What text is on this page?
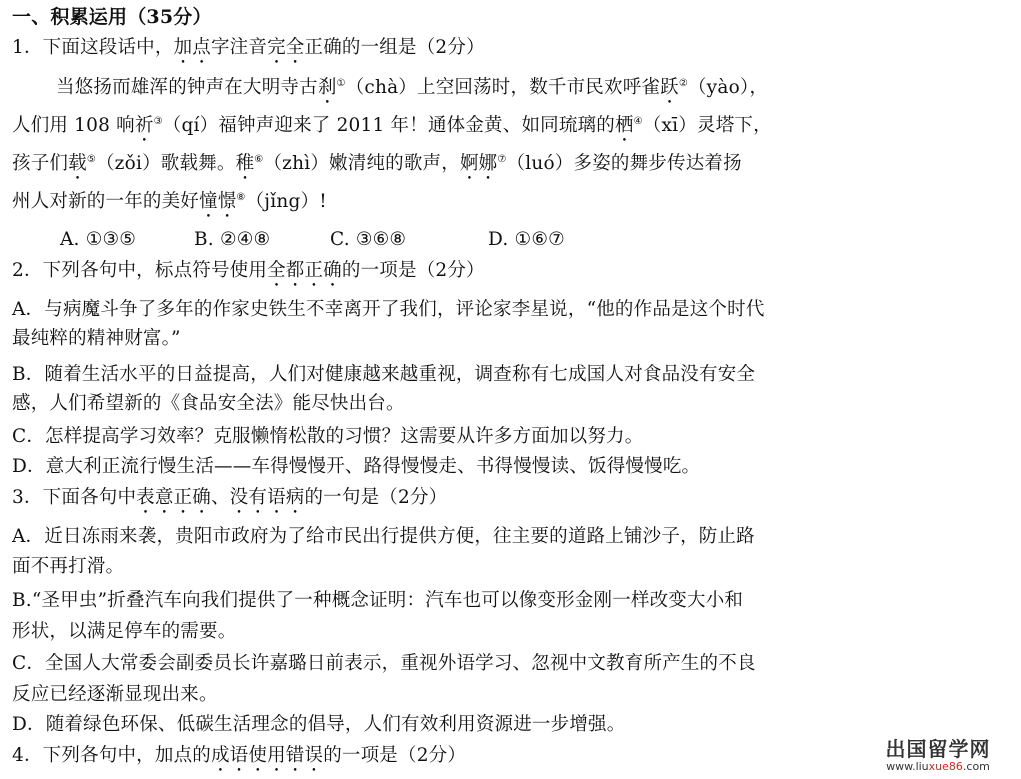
一、积累运用（35分）
1．下面这段话中，加点字注音完全正确的一组是（2分）
当悠扬而雄浑的钟声在大明寺古刹①（chà）上空回荡时，数千市民欢呼雀跃②（yào），
人们用 108 响祈③（qí）福钟声迎来了 2011 年！通体金黄、如同琉璃的栖④（xī）灵塔下，
孩子们载⑤（zǒi）歌载舞。稚⑥（zhì）嫩清纯的歌声，婀娜⑦（luó）多姿的舞步传达着扬
州人对新的一年的美好憧憬⑧（jǐng）!
A. ①③⑤	B. ②④⑧	C. ③⑥⑧	D. ①⑥⑦
2．下列各句中，标点符号使用全都正确的一项是（2分）
A．与病魔斗争了多年的作家史铁生不幸离开了我们，评论家李星说，“他的作品是这个时代
最纯粹的精神财富。”
B．随着生活水平的日益提高，人们对健康越来越重视，调查称有七成国人对食品没有安全
感，人们希望新的《食品安全法》能尽快出台。
C．怎样提高学习效率？克服懒惰松散的习惯？这需要从许多方面加以努力。
D．意大利正流行慢生活——车得慢慢开、路得慢慢走、书得慢慢读、饭得慢慢吃。
3．下面各句中表意正确、没有语病的一句是（2分）
A．近日冻雨来袭，贵阳市政府为了给市民出行提供方便，往主要的道路上铺沙子，防止路
面不再打滑。
B.“圣甲虫”折叠汽车向我们提供了一种概念证明：汽车也可以像变形金刚一样改变大小和
形状，以满足停车的需要。
C．全国人大常委会副委员长许嘉璐日前表示，重视外语学习、忽视中文教育所产生的不良
反应已经逐渐显现出来。
D．随着绿色环保、低碳生活理念的倡导，人们有效利用资源进一步增强。
4．下列各句中，加点的成语使用错误的一项是（2分）	出国留学网
www.liuxue86.com
